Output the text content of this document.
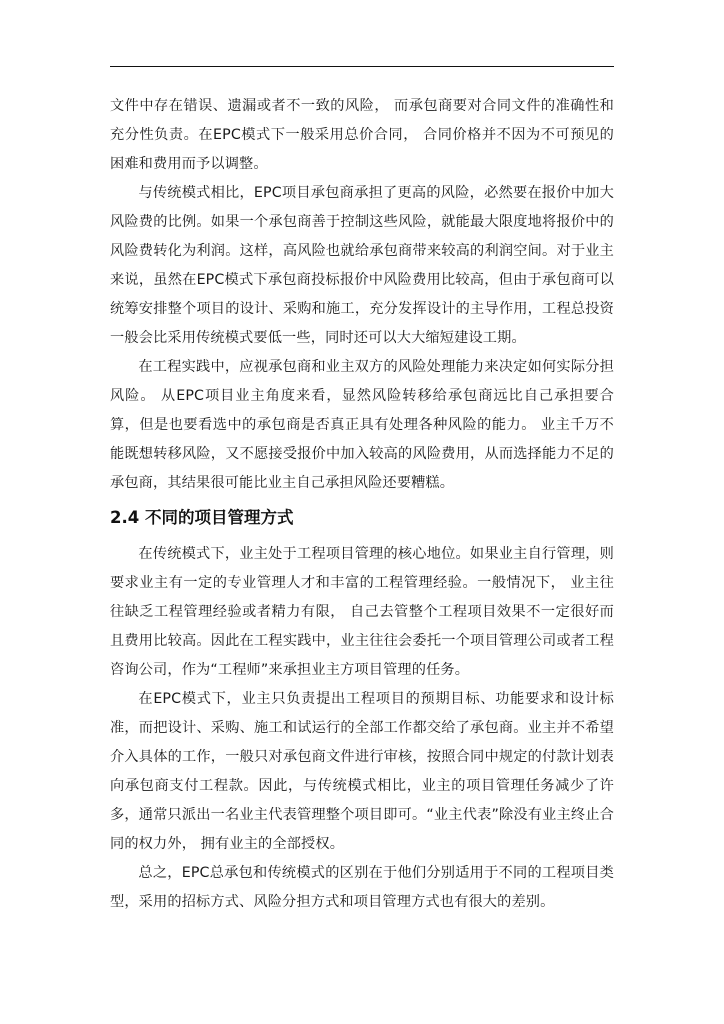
文件中存在错误、遗漏或者不一致的风险， 而承包商要对合同文件的准确性和充分性负责。在EPC模式下一般采用总价合同， 合同价格并不因为不可预见的困难和费用而予以调整。

与传统模式相比，EPC项目承包商承担了更高的风险，必然要在报价中加大风险费的比例。如果一个承包商善于控制这些风险，就能最大限度地将报价中的风险费转化为利润。这样，高风险也就给承包商带来较高的利润空间。对于业主来说，虽然在EPC模式下承包商投标报价中风险费用比较高，但由于承包商可以统筹安排整个项目的设计、采购和施工，充分发挥设计的主导作用，工程总投资一般会比采用传统模式要低一些，同时还可以大大缩短建设工期。

在工程实践中，应视承包商和业主双方的风险处理能力来决定如何实际分担风险。 从EPC项目业主角度来看，显然风险转移给承包商远比自己承担要合算，但是也要看选中的承包商是否真正具有处理各种风险的能力。 业主千万不能既想转移风险，又不愿接受报价中加入较高的风险费用，从而选择能力不足的承包商，其结果很可能比业主自己承担风险还要糟糕。

2.4 不同的项目管理方式

在传统模式下，业主处于工程项目管理的核心地位。如果业主自行管理，则要求业主有一定的专业管理人才和丰富的工程管理经验。一般情况下， 业主往往缺乏工程管理经验或者精力有限， 自己去管整个工程项目效果不一定很好而且费用比较高。因此在工程实践中，业主往往会委托一个项目管理公司或者工程咨询公司，作为“工程师”来承担业主方项目管理的任务。

在EPC模式下，业主只负责提出工程项目的预期目标、功能要求和设计标准，而把设计、采购、施工和试运行的全部工作都交给了承包商。业主并不希望介入具体的工作，一般只对承包商文件进行审核，按照合同中规定的付款计划表向承包商支付工程款。因此，与传统模式相比，业主的项目管理任务减少了许多，通常只派出一名业主代表管理整个项目即可。“业主代表”除没有业主终止合同的权力外， 拥有业主的全部授权。

总之，EPC总承包和传统模式的区别在于他们分别适用于不同的工程项目类型，采用的招标方式、风险分担方式和项目管理方式也有很大的差别。
